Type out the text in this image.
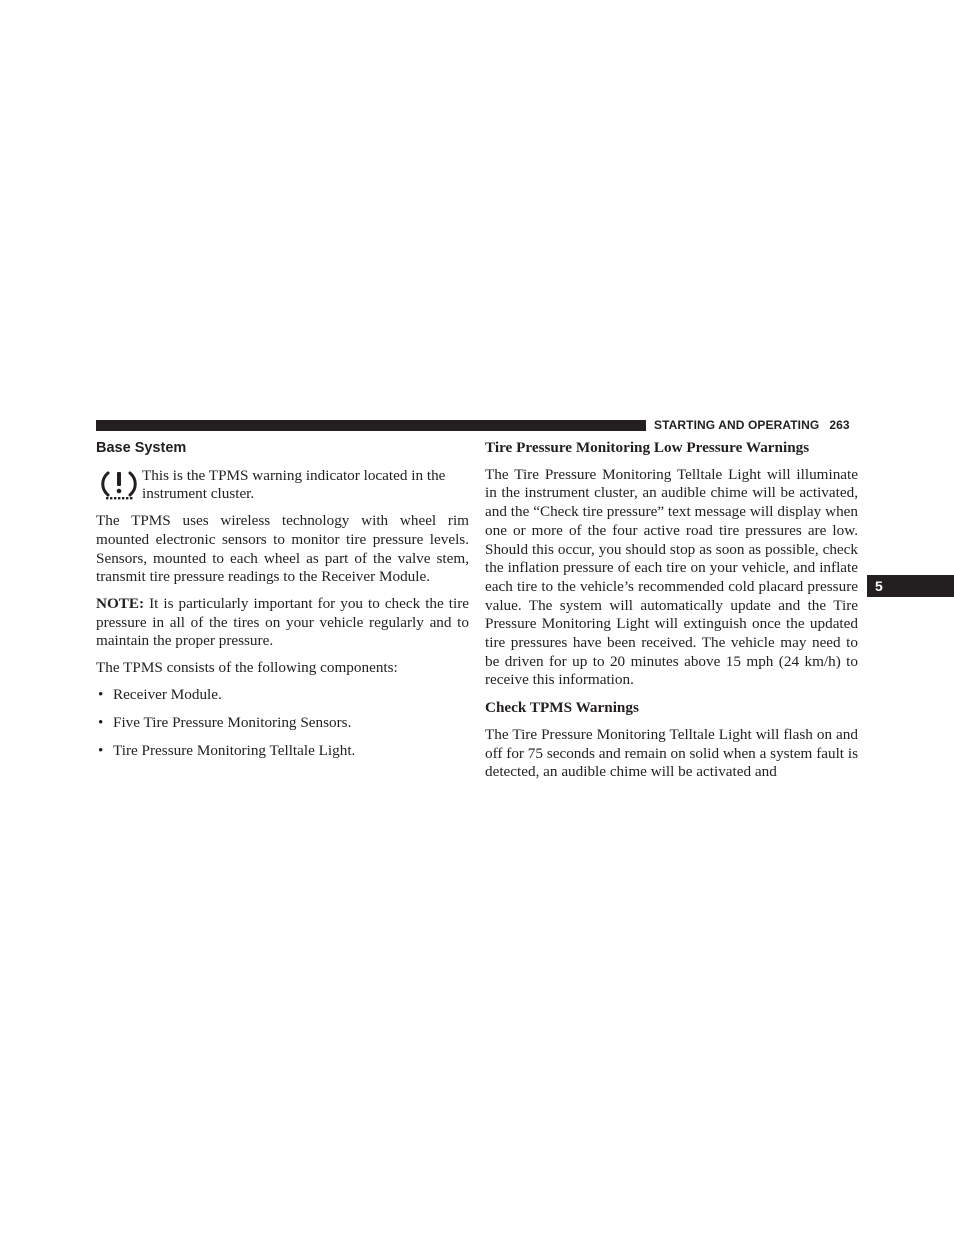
STARTING AND OPERATING 263
5
Base System
This is the TPMS warning indicator located in the instrument cluster.

The TPMS uses wireless technology with wheel rim mounted electronic sensors to monitor tire pressure levels. Sensors, mounted to each wheel as part of the valve stem, transmit tire pressure readings to the Receiver Module.

NOTE: It is particularly important for you to check the tire pressure in all of the tires on your vehicle regularly and to maintain the proper pressure.

The TPMS consists of the following components:

• Receiver Module.
• Five Tire Pressure Monitoring Sensors.
• Tire Pressure Monitoring Telltale Light.
Tire Pressure Monitoring Low Pressure Warnings

The Tire Pressure Monitoring Telltale Light will illuminate in the instrument cluster, an audible chime will be activated, and the “Check tire pressure” text message will display when one or more of the four active road tire pressures are low. Should this occur, you should stop as soon as possible, check the inflation pressure of each tire on your vehicle, and inflate each tire to the vehicle’s recommended cold placard pressure value. The system will automatically update and the Tire Pressure Monitoring Light will extinguish once the updated tire pressures have been received. The vehicle may need to be driven for up to 20 minutes above 15 mph (24 km/h) to receive this information.

Check TPMS Warnings

The Tire Pressure Monitoring Telltale Light will flash on and off for 75 seconds and remain on solid when a system fault is detected, an audible chime will be activated and
